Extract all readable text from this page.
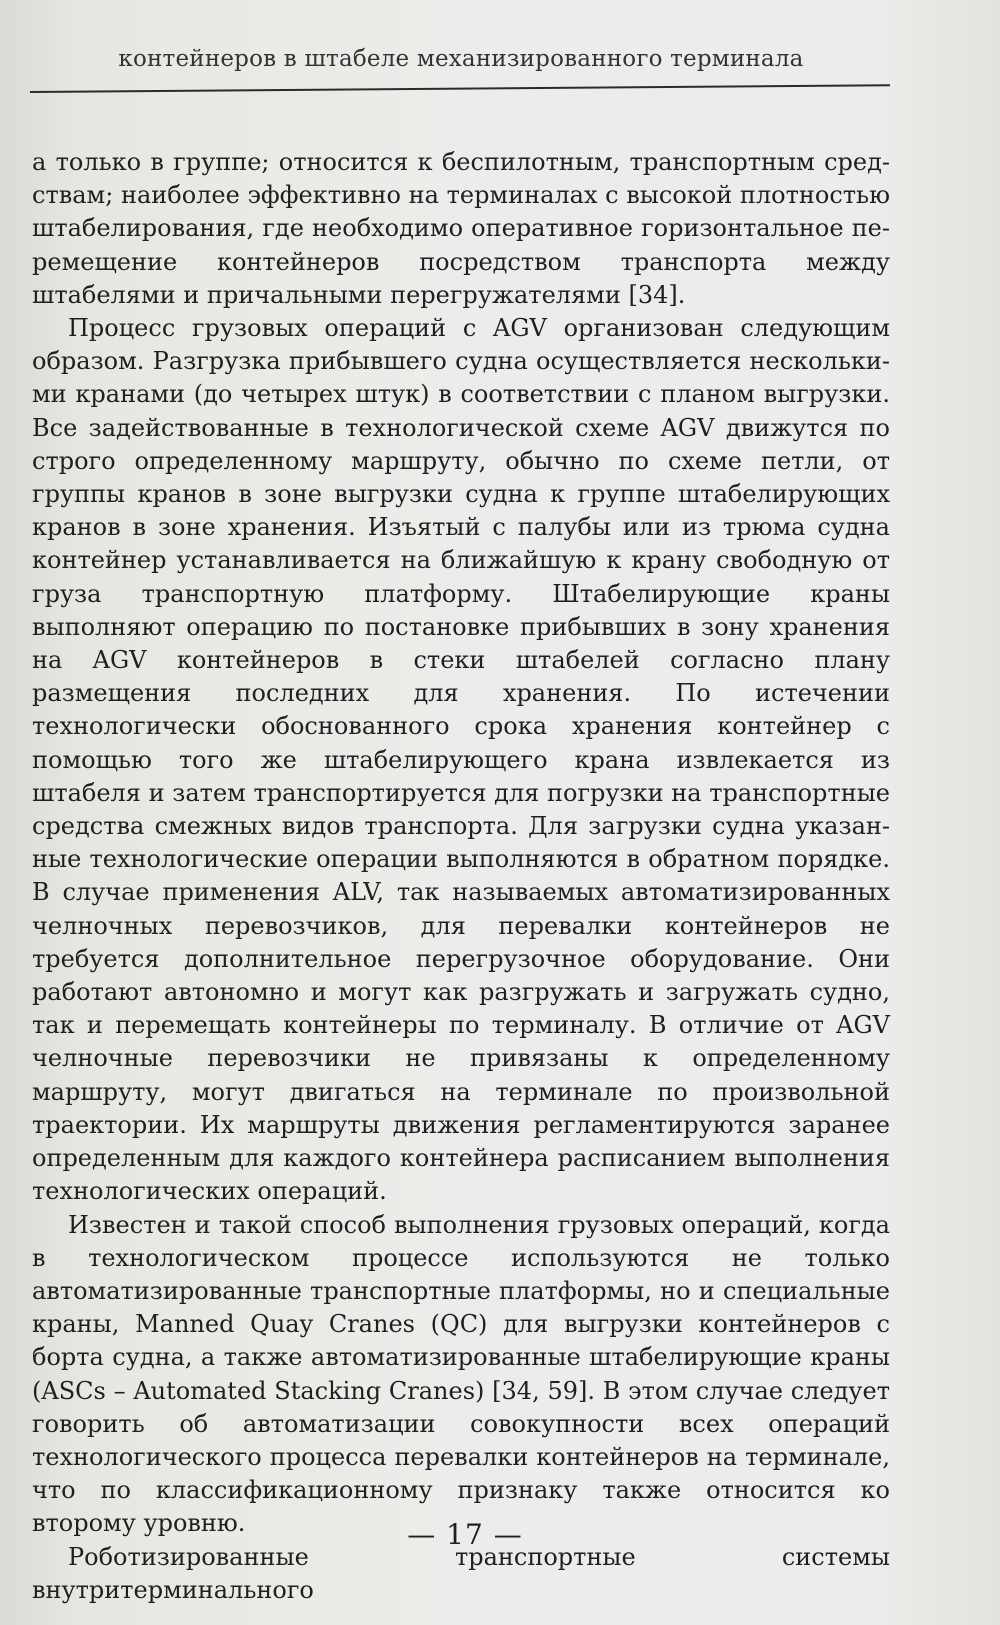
контейнеров в штабеле механизированного терминала

а только в группе; относится к беспилотным, транспортным средствам; наиболее эффективно на терминалах с высокой плотностью штабелирования, где необходимо оперативное горизонтальное перемещение контейнеров посредством транспорта между штабелями и причальными перегружателями [34].

Процесс грузовых операций с AGV организован следующим образом. Разгрузка прибывшего судна осуществляется несколькими кранами (до четырех штук) в соответствии с планом выгрузки. Все задействованные в технологической схеме AGV движутся по строго определенному маршруту, обычно по схеме петли, от группы кранов в зоне выгрузки судна к группе штабелирующих кранов в зоне хранения. Изъятый с палубы или из трюма судна контейнер устанавливается на ближайшую к крану свободную от груза транспортную платформу. Штабелирующие краны выполняют операцию по постановке прибывших в зону хранения на AGV контейнеров в стеки штабелей согласно плану размещения последних для хранения. По истечении технологически обоснованного срока хранения контейнер с помощью того же штабелирующего крана извлекается из штабеля и затем транспортируется для погрузки на транспортные средства смежных видов транспорта. Для загрузки судна указанные технологические операции выполняются в обратном порядке. В случае применения ALV, так называемых автоматизированных челночных перевозчиков, для перевалки контейнеров не требуется дополнительное перегрузочное оборудование. Они работают автономно и могут как разгружать и загружать судно, так и перемещать контейнеры по терминалу. В отличие от AGV челночные перевозчики не привязаны к определенному маршруту, могут двигаться на терминале по произвольной траектории. Их маршруты движения регламентируются заранее определенным для каждого контейнера расписанием выполнения технологических операций.

Известен и такой способ выполнения грузовых операций, когда в технологическом процессе используются не только автоматизированные транспортные платформы, но и специальные краны, Manned Quay Cranes (QC) для выгрузки контейнеров с борта судна, а также автоматизированные штабелирующие краны (ASCs – Automated Stacking Cranes) [34, 59]. В этом случае следует говорить об автоматизации совокупности всех операций технологического процесса перевалки контейнеров на терминале, что по классификационному признаку также относится ко второму уровню.

Роботизированные транспортные системы внутритерминального

— 17 —
